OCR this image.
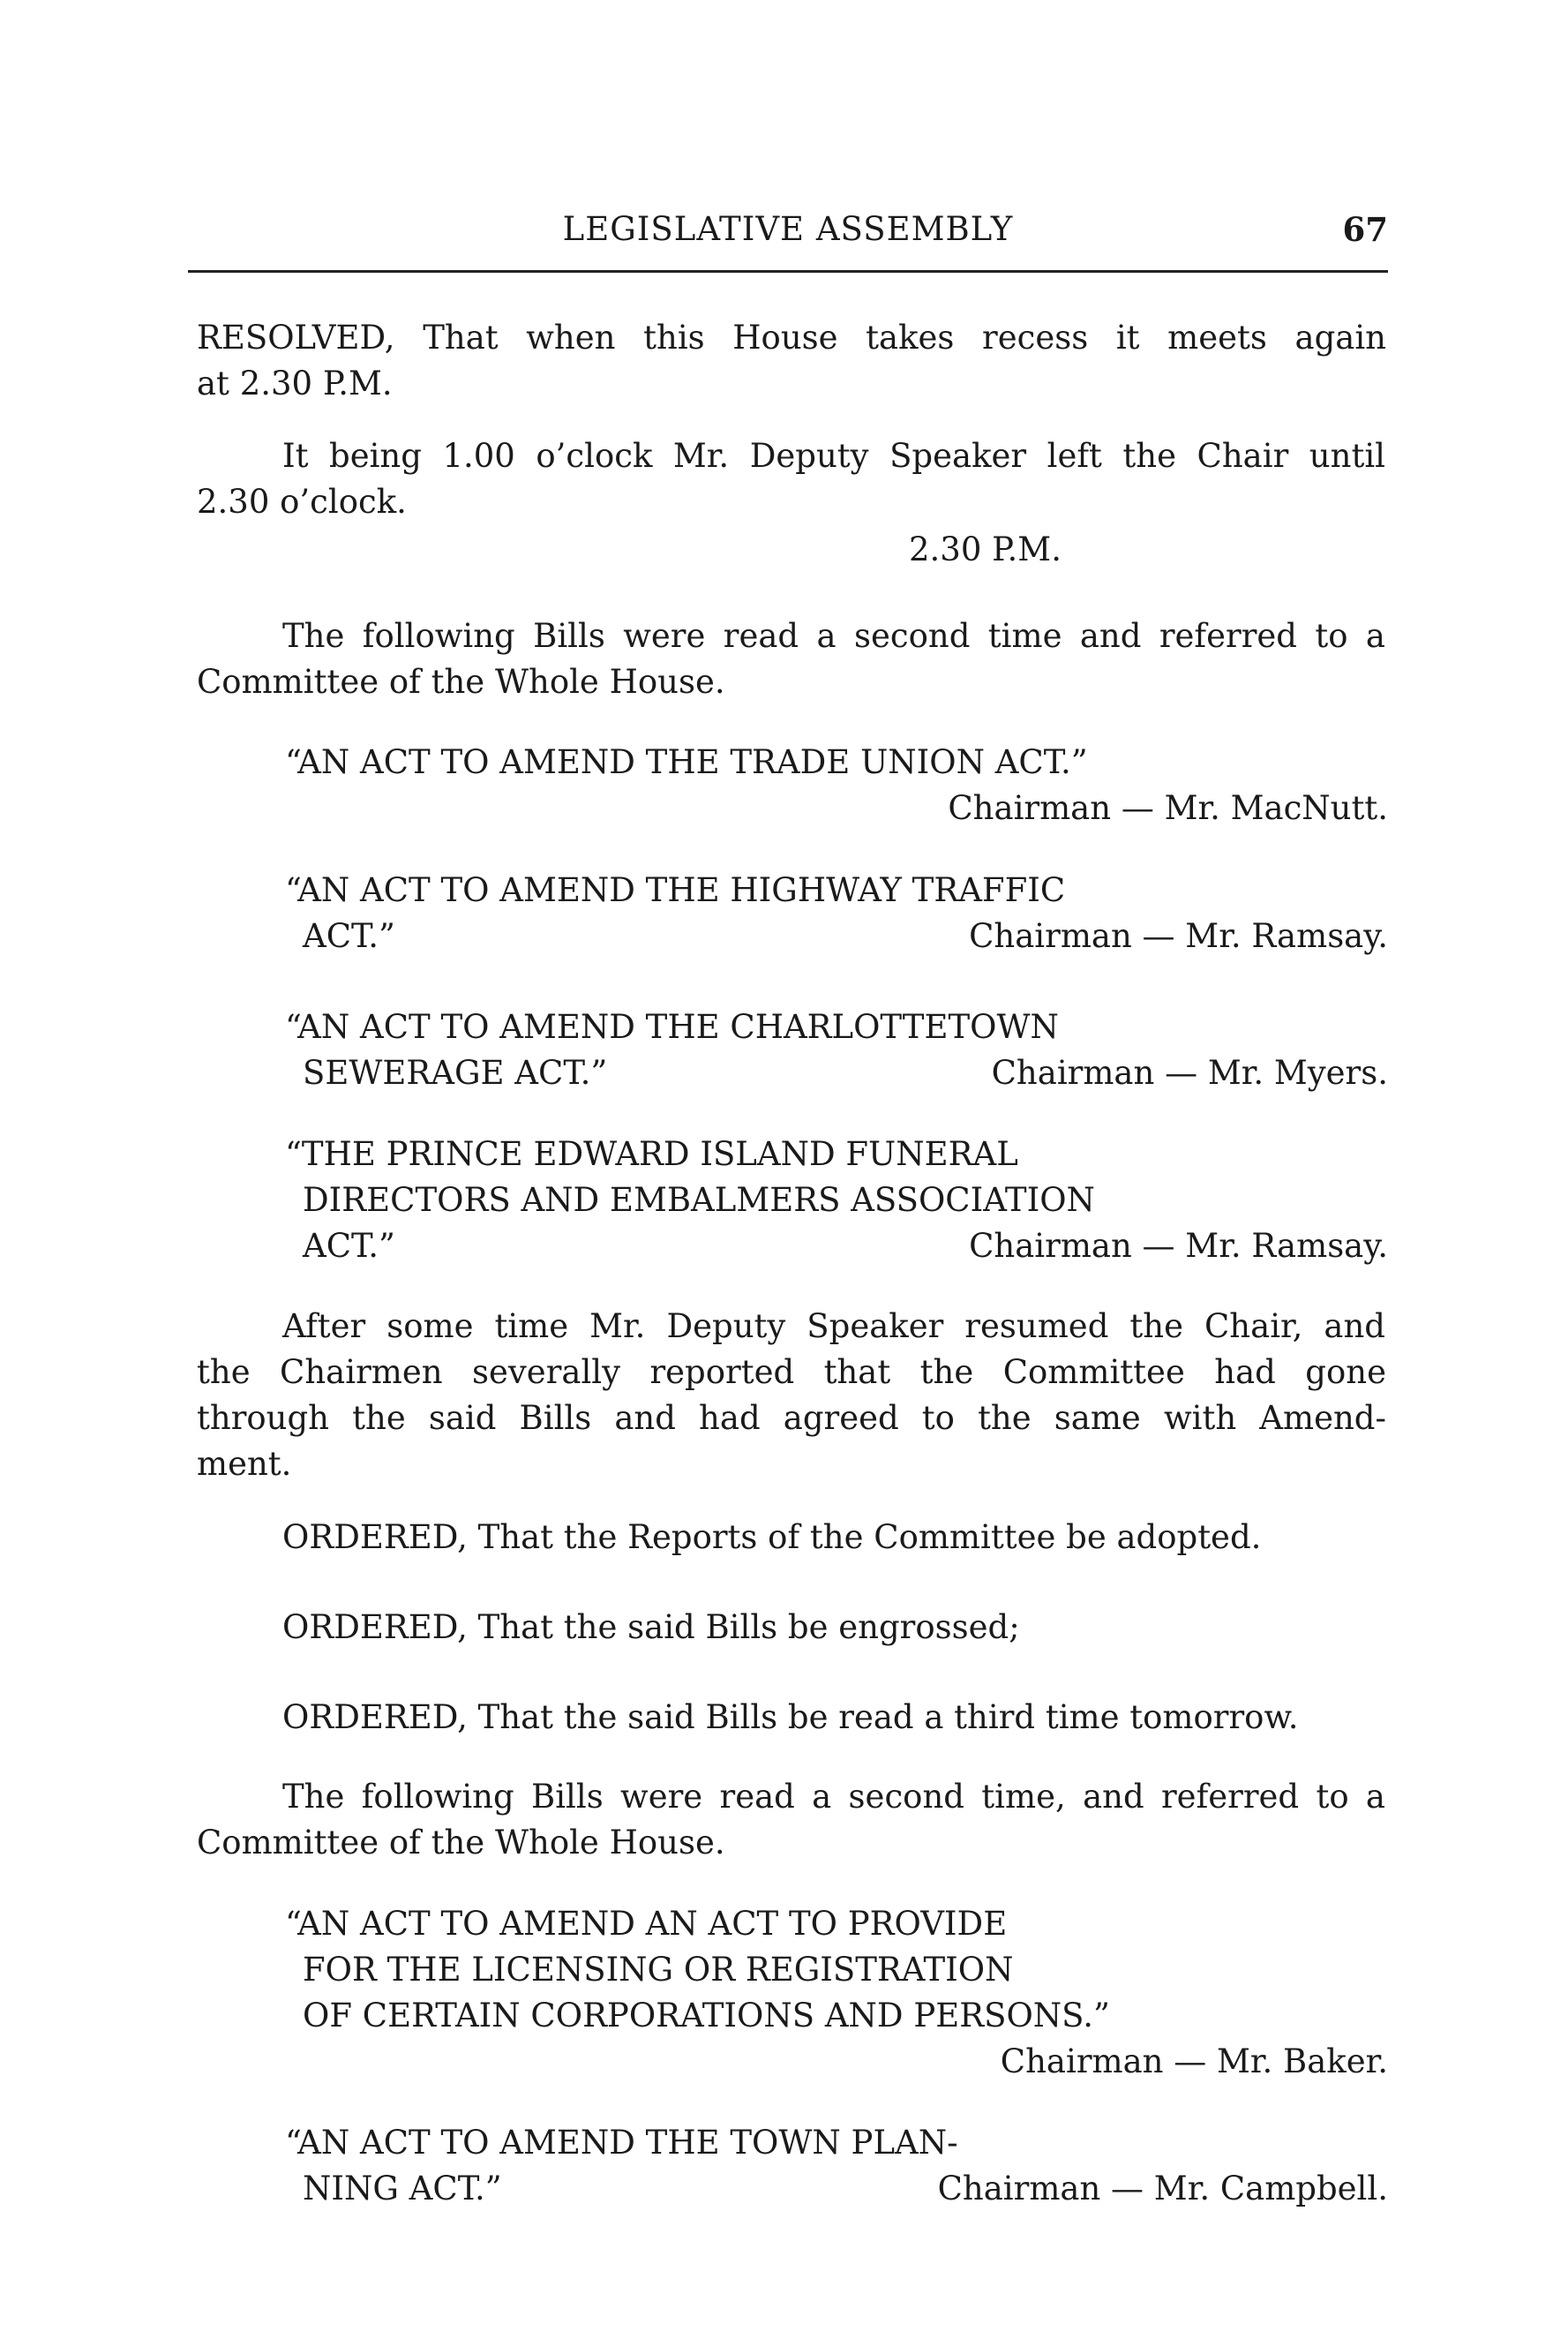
LEGISLATIVE ASSEMBLY	67
RESOLVED, That when this House takes recess it meets again
at 2.30 P.M.
It being 1.00 o’clock Mr. Deputy Speaker left the Chair until
2.30 o’clock.
2.30 P.M.
The following Bills were read a second time and referred to a
Committee of the Whole House.
“AN ACT TO AMEND THE TRADE UNION ACT.”
Chairman — Mr. MacNutt.
“AN ACT TO AMEND THE HIGHWAY TRAFFIC
ACT.”	Chairman — Mr. Ramsay.
“AN ACT TO AMEND THE CHARLOTTETOWN
SEWERAGE ACT.”	Chairman — Mr. Myers.
“THE PRINCE EDWARD ISLAND FUNERAL
DIRECTORS AND EMBALMERS ASSOCIATION
ACT.”	Chairman — Mr. Ramsay.
After some time Mr. Deputy Speaker resumed the Chair, and
the Chairmen severally reported that the Committee had gone
through the said Bills and had agreed to the same with Amend-
ment.
ORDERED, That the Reports of the Committee be adopted.
ORDERED, That the said Bills be engrossed;
ORDERED, That the said Bills be read a third time tomorrow.
The following Bills were read a second time, and referred to a
Committee of the Whole House.
“AN ACT TO AMEND AN ACT TO PROVIDE
FOR THE LICENSING OR REGISTRATION
OF CERTAIN CORPORATIONS AND PERSONS.”
Chairman — Mr. Baker.
“AN ACT TO AMEND THE TOWN PLAN-
NING ACT.”	Chairman — Mr. Campbell.
